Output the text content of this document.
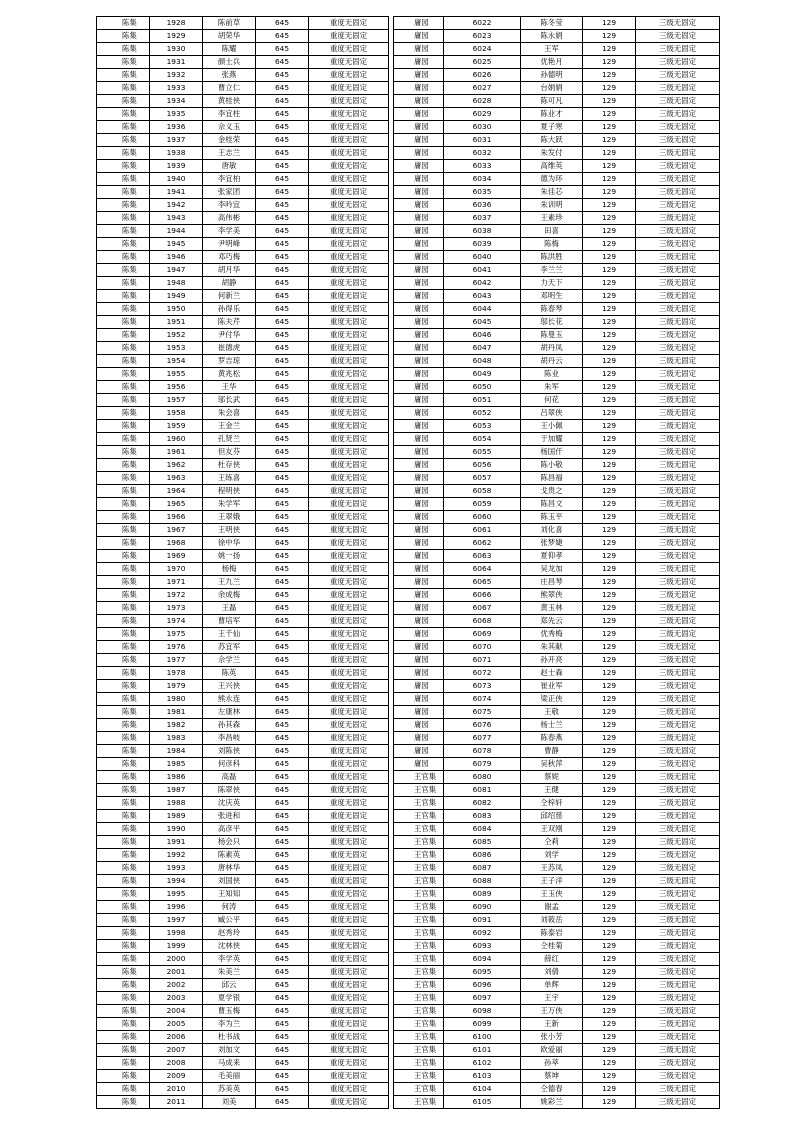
陈集	1928	陈前草	645	重度无固定
陈集	1929	胡荣华	645	重度无固定
陈集	1930	陈耀	645	重度无固定
陈集	1931	颜士兵	645	重度无固定
陈集	1932	张燕	645	重度无固定
陈集	1933	曹立仁	645	重度无固定
陈集	1934	黄桂侠	645	重度无固定
陈集	1935	李宜柱	645	重度无固定
陈集	1936	佘义玉	645	重度无固定
陈集	1937	金桂荣	645	重度无固定
陈集	1938	王志兰	645	重度无固定
陈集	1939	唐敏	645	重度无固定
陈集	1940	李宜柏	645	重度无固定
陈集	1941	张家团	645	重度无固定
陈集	1942	李吟宜	645	重度无固定
陈集	1943	高伟彬	645	重度无固定
陈集	1944	李学美	645	重度无固定
陈集	1945	尹明峰	645	重度无固定
陈集	1946	邓巧梅	645	重度无固定
陈集	1947	胡月华	645	重度无固定
陈集	1948	胡静	645	重度无固定
陈集	1949	何新兰	645	重度无固定
陈集	1950	孙得乐	645	重度无固定
陈集	1951	陈夫芹	645	重度无固定
陈集	1952	尹付华	645	重度无固定
陈集	1953	崔德虎	645	重度无固定
陈集	1954	罗吉琼	645	重度无固定
陈集	1955	黄兆松	645	重度无固定
陈集	1956	王华	645	重度无固定
陈集	1957	邬长武	645	重度无固定
陈集	1958	朱会喜	645	重度无固定
陈集	1959	王金兰	645	重度无固定
陈集	1960	孔贤兰	645	重度无固定
陈集	1961	但友芬	645	重度无固定
陈集	1962	杜存侠	645	重度无固定
陈集	1963	王练喜	645	重度无固定
陈集	1964	程明侠	645	重度无固定
陈集	1965	朱学军	645	重度无固定
陈集	1966	王翠娥	645	重度无固定
陈集	1967	王明侠	645	重度无固定
陈集	1968	徐中华	645	重度无固定
陈集	1969	姚一扬	645	重度无固定
陈集	1970	杨梅	645	重度无固定
陈集	1971	王九兰	645	重度无固定
陈集	1972	余成梅	645	重度无固定
陈集	1973	王磊	645	重度无固定
陈集	1974	曹培军	645	重度无固定
陈集	1975	王千仙	645	重度无固定
陈集	1976	苏宜军	645	重度无固定
陈集	1977	佘学兰	645	重度无固定
陈集	1978	陈英	645	重度无固定
陈集	1979	王兴侠	645	重度无固定
陈集	1980	熊永连	645	重度无固定
陈集	1981	左康林	645	重度无固定
陈集	1982	孙其森	645	重度无固定
陈集	1983	李昌岐	645	重度无固定
陈集	1984	刘陈侠	645	重度无固定
陈集	1985	何彦科	645	重度无固定
陈集	1986	高磊	645	重度无固定
陈集	1987	陈翠侠	645	重度无固定
陈集	1988	沈庆英	645	重度无固定
陈集	1989	张进和	645	重度无固定
陈集	1990	高彦平	645	重度无固定
陈集	1991	杨会只	645	重度无固定
陈集	1992	陈素英	645	重度无固定
陈集	1993	唐林华	645	重度无固定
陈集	1994	刘国侠	645	重度无固定
陈集	1995	王知知	645	重度无固定
陈集	1996	何涛	645	重度无固定
陈集	1997	臧公平	645	重度无固定
陈集	1998	赵秀玲	645	重度无固定
陈集	1999	沈林侠	645	重度无固定
陈集	2000	李学英	645	重度无固定
陈集	2001	朱美兰	645	重度无固定
陈集	2002	邱云	645	重度无固定
陈集	2003	夏学银	645	重度无固定
陈集	2004	曹玉梅	645	重度无固定
陈集	2005	李为兰	645	重度无固定
陈集	2006	杜书战	645	重度无固定
陈集	2007	刘加文	645	重度无固定
陈集	2008	马成来	645	重度无固定
陈集	2009	毛美丽	645	重度无固定
陈集	2010	苏美英	645	重度无固定
陈集	2011	刘美	645	重度无固定
庸园	6022	陈冬莹	129	三级无固定
庸园	6023	陈永娟	129	三级无固定
庸园	6024	王军	129	三级无固定
庸园	6025	优艳月	129	三级无固定
庸园	6026	孙德明	129	三级无固定
庸园	6027	台娟娟	129	三级无固定
庸园	6028	陈可凡	129	三级无固定
庸园	6029	陈业才	129	三级无固定
庸园	6030	夏子寒	129	三级无固定
庸园	6031	陈大跃	129	三级无固定
庸园	6032	朱发付	129	三级无固定
庸园	6033	高维英	129	三级无固定
庸园	6034	德为环	129	三级无固定
庸园	6035	朱佳芯	129	三级无固定
庸园	6036	朱训明	129	三级无固定
庸园	6037	王素珍	129	三级无固定
庸园	6038	田喜	129	三级无固定
庸园	6039	陈梅	129	三级无固定
庸园	6040	陈洪胜	129	三级无固定
庸园	6041	李兰兰	129	三级无固定
庸园	6042	力天下	129	三级无固定
庸园	6043	邓明生	129	三级无固定
庸园	6044	陈春琴	129	三级无固定
庸园	6045	邬长花	129	三级无固定
庸园	6046	陈曼玉	129	三级无固定
庸园	6047	胡丹凤	129	三级无固定
庸园	6048	胡丹云	129	三级无固定
庸园	6049	陈业	129	三级无固定
庸园	6050	朱军	129	三级无固定
庸园	6051	何花	129	三级无固定
庸园	6052	吕翠侠	129	三级无固定
庸园	6053	王小佩	129	三级无固定
庸园	6054	于加耀	129	三级无固定
庸园	6055	杨国仟	129	三级无固定
庸园	6056	陈小敬	129	三级无固定
庸园	6057	陈昌福	129	三级无固定
庸园	6058	戈贵之	129	三级无固定
庸园	6059	陈昌文	129	三级无固定
庸园	6060	陈玉平	129	三级无固定
庸园	6061	刘化喜	129	三级无固定
庸园	6062	张梦婕	129	三级无固定
庸园	6063	夏仰孝	129	三级无固定
庸园	6064	吴龙加	129	三级无固定
庸园	6065	庄昌琴	129	三级无固定
庸园	6066	熊翠侠	129	三级无固定
庸园	6067	黄玉林	129	三级无固定
庸园	6068	郑先云	129	三级无固定
庸园	6069	优秀梅	129	三级无固定
庸园	6070	朱其献	129	三级无固定
庸园	6071	孙开亮	129	三级无固定
庸园	6072	赵士森	129	三级无固定
庸园	6073	崔业军	129	三级无固定
庸园	6074	梁正侠	129	三级无固定
庸园	6075	王敬	129	三级无固定
庸园	6076	杨士兰	129	三级无固定
庸园	6077	陈春燕	129	三级无固定
庸园	6078	曹静	129	三级无固定
庸园	6079	吴秋萍	129	三级无固定
王官集	6080	蔡妮	129	三级无固定
王官集	6081	王健	129	三级无固定
王官集	6082	仝梓轩	129	三级无固定
王官集	6083	邱绍慈	129	三级无固定
王官集	6084	王双刚	129	三级无固定
王官集	6085	仝莉	129	三级无固定
王官集	6086	刘学	129	三级无固定
王官集	6087	王苏凤	129	三级无固定
王官集	6088	王子洋	129	三级无固定
王官集	6089	王玉侠	129	三级无固定
王官集	6090	谢孟	129	三级无固定
王官集	6091	刘筱岳	129	三级无固定
王官集	6092	陈泰岩	129	三级无固定
王官集	6093	仝桂菊	129	三级无固定
王官集	6094	薛红	129	三级无固定
王官集	6095	刘倩	129	三级无固定
王官集	6096	单辉	129	三级无固定
王官集	6097	王宇	129	三级无固定
王官集	6098	王万侠	129	三级无固定
王官集	6099	王新	129	三级无固定
王官集	6100	张小芳	129	三级无固定
王官集	6101	欧爱丽	129	三级无固定
王官集	6102	孙萃	129	三级无固定
王官集	6103	蔡坤	129	三级无固定
王官集	6104	仝德春	129	三级无固定
王官集	6105	姚彩兰	129	三级无固定
